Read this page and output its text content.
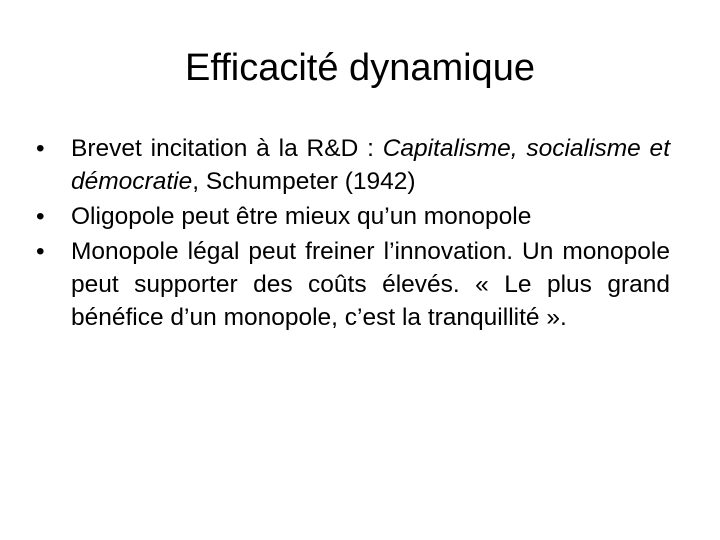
Efficacité dynamique
•	Brevet incitation à la R&D : Capitalisme, socialisme et démocratie, Schumpeter (1942)
•	Oligopole peut être mieux qu’un monopole
•	Monopole légal peut freiner l’innovation. Un monopole peut supporter des coûts élevés. « Le plus grand bénéfice d’un monopole, c’est la tranquillité ».
